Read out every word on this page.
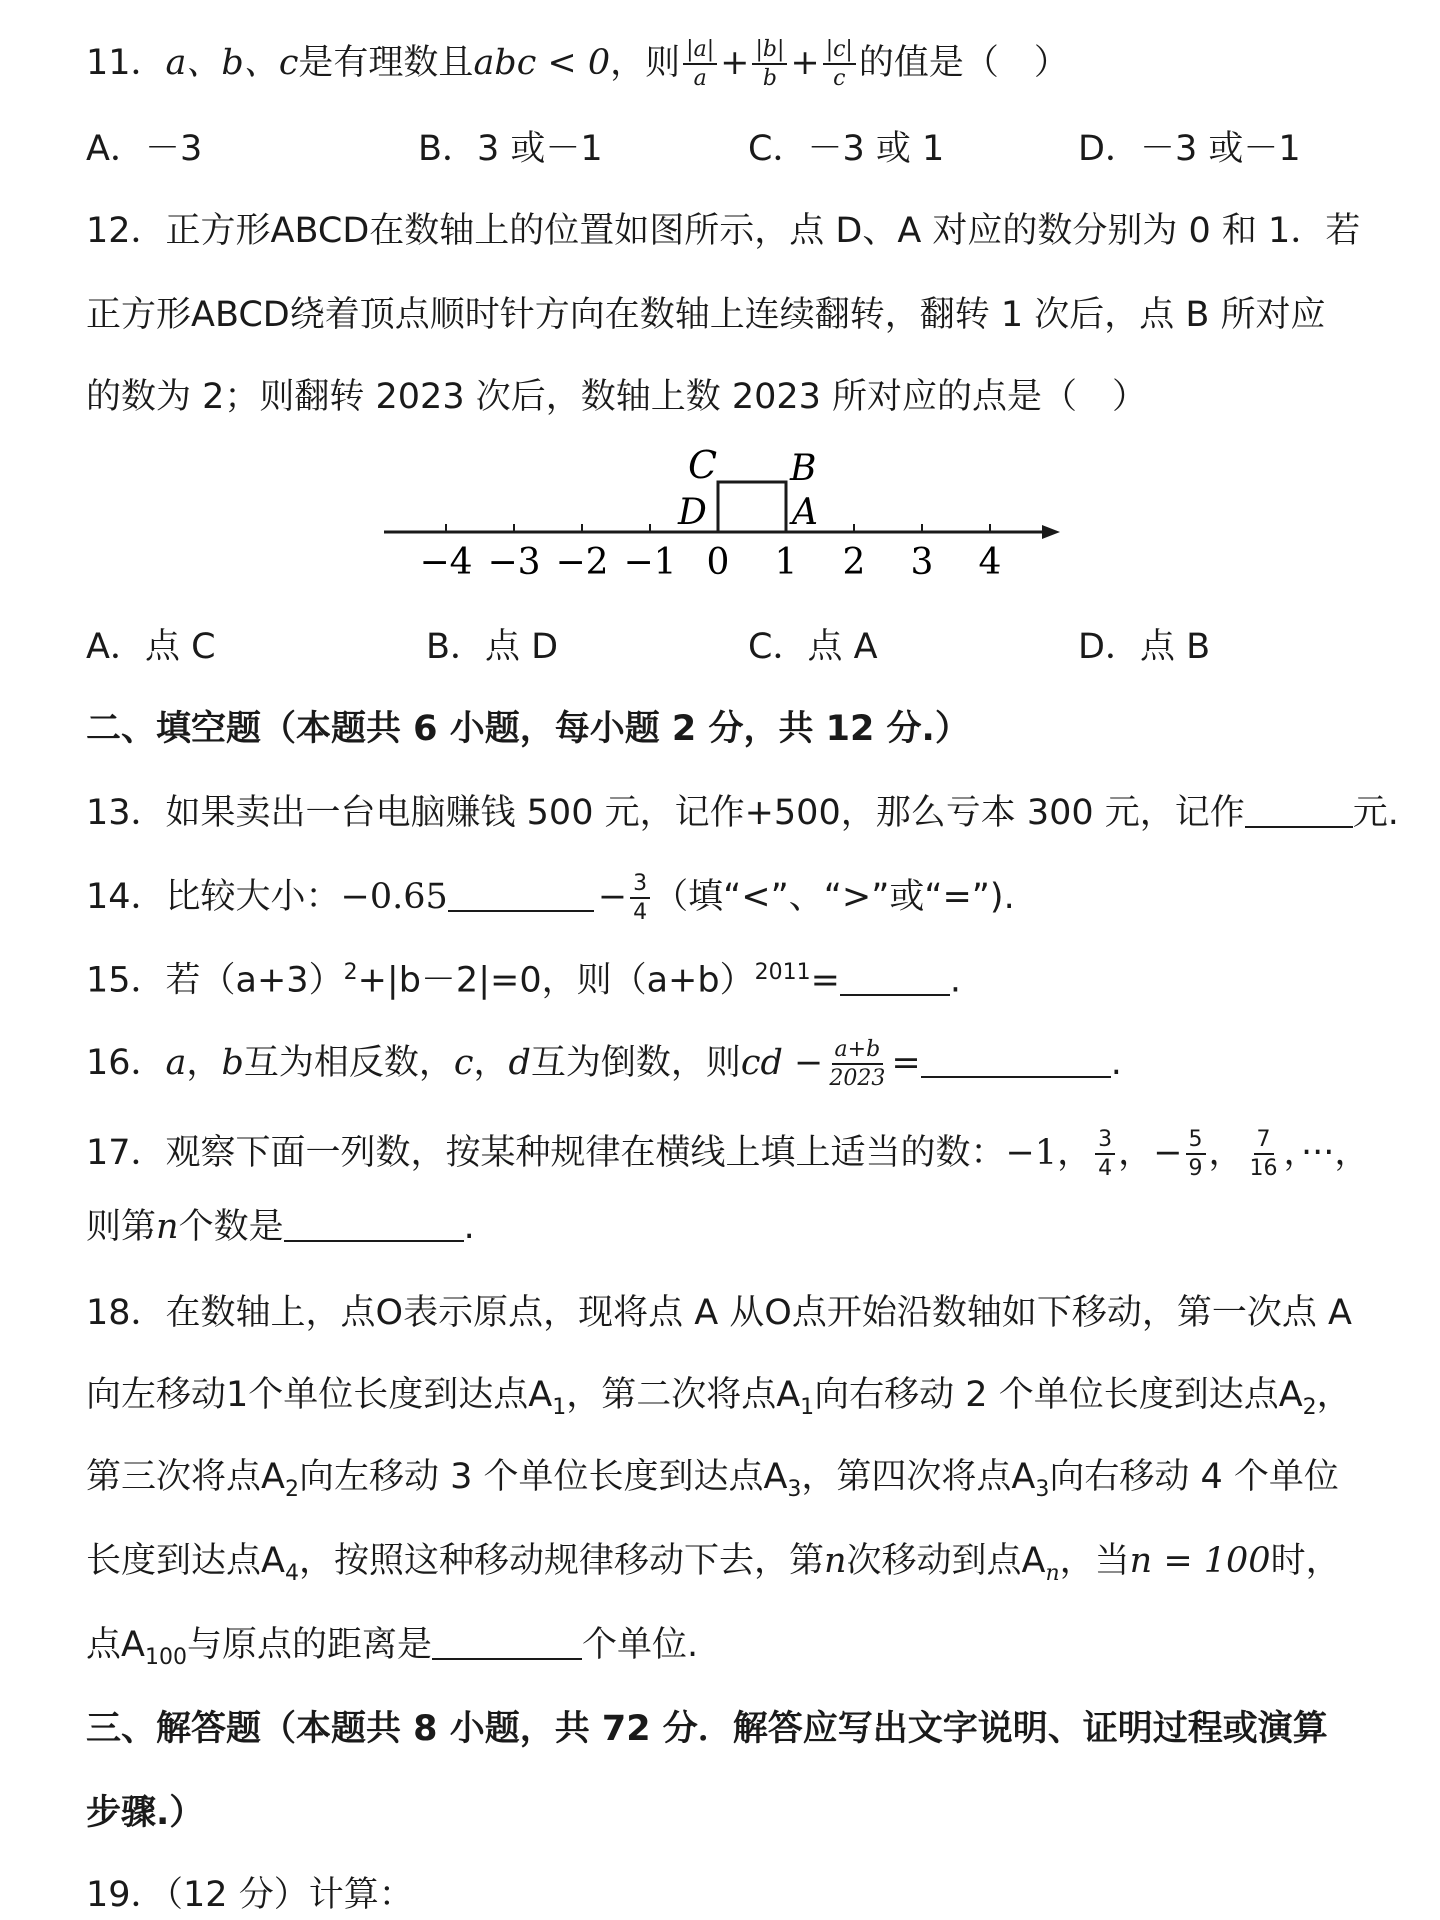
11．a、b、c是有理数且abc < 0，则 $\frac{|a|}{a} + \frac{|b|}{b} + \frac{|c|}{c}$ 的值是（　）
A．－3	B．3 或－1	C．－3 或 1	D．－3 或－1
12．正方形ABCD在数轴上的位置如图所示，点 D、A 对应的数分别为 0 和 1．若
正方形ABCD绕着顶点顺时针方向在数轴上连续翻转，翻转 1 次后，点 B 所对应
的数为 2；则翻转 2023 次后，数轴上数 2023 所对应的点是（　）
−4 −3 −2 −1 0 1 2 3 4
C B
D A
A．点 C	B．点 D	C．点 A	D．点 B
二、填空题（本题共 6 小题，每小题 2 分，共 12 分.）
13．如果卖出一台电脑赚钱 500 元，记作+500，那么亏本 300 元，记作	元.
14．比较大小：−0.65	− $\frac{3}{4}$ （填“<”、“>”或“=”).
15．若$(a+3)^2+|b-2|=0$，则$(a+b)^{2011}=$	.
16．a，b互为相反数，c，d互为倒数，则cd − $\frac{a+b}{2023}$ =	.
17．观察下面一列数，按某种规律在横线上填上适当的数：−1， $\frac{3}{4}$ ，− $\frac{5}{9}$ ， $\frac{7}{16}$ ，···，
则第n个数是	.
18．在数轴上，点O表示原点，现将点 A 从O点开始沿数轴如下移动，第一次点 A
向左移动1个单位长度到达点$A_1$，第二次将点$A_1$向右移动 2 个单位长度到达点$A_2$，
第三次将点$A_2$向左移动 3 个单位长度到达点$A_3$，第四次将点$A_3$向右移动 4 个单位
长度到达点$A_4$，按照这种移动规律移动下去，第n次移动到点$A_n$，当n = 100时，
点$A_{100}$与原点的距离是	个单位.
三、解答题（本题共 8 小题，共 72 分．解答应写出文字说明、证明过程或演算
步骤.）
19．（12 分）计算：
